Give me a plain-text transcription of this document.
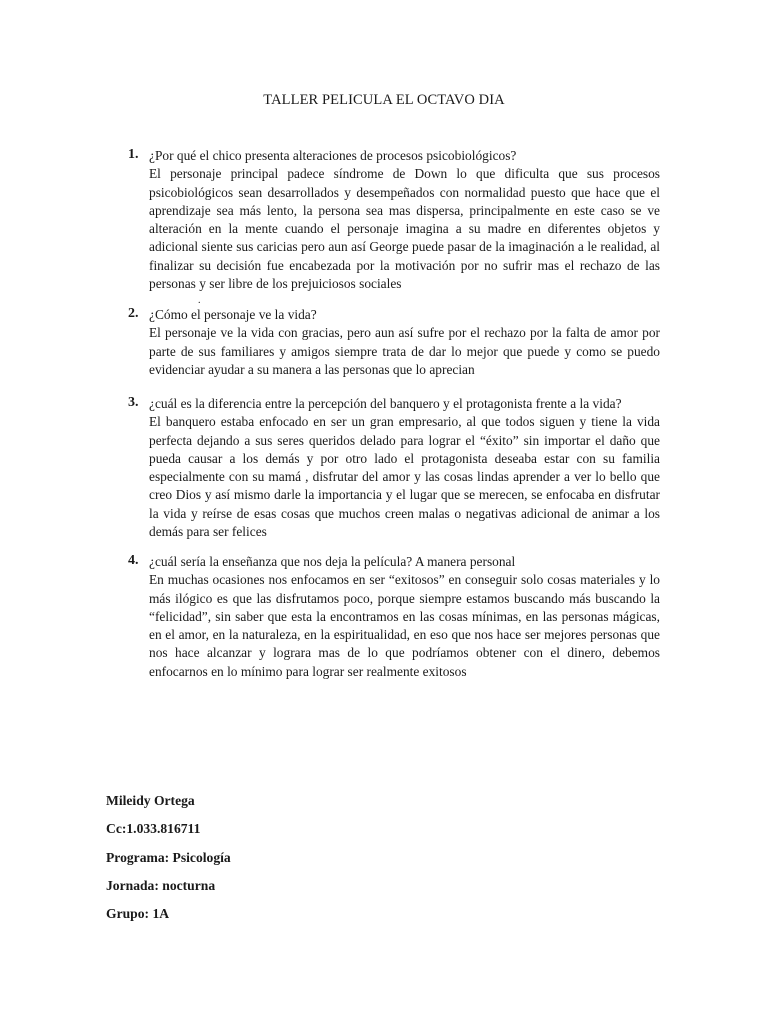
TALLER PELICULA EL OCTAVO DIA
1. ¿Por qué el chico presenta alteraciones de procesos psicobiológicos?
El personaje principal padece síndrome de Down lo que dificulta que sus procesos psicobiológicos sean desarrollados y desempeñados con normalidad puesto que hace que el aprendizaje sea más lento, la persona sea mas dispersa, principalmente en este caso se ve alteración en la mente cuando el personaje imagina a su madre en diferentes objetos y adicional siente sus caricias pero aun así George puede pasar de la imaginación a le realidad, al finalizar su decisión fue encabezada por la motivación por no sufrir mas el rechazo de las personas y ser libre de los prejuiciosos sociales
.
2. ¿Cómo el personaje ve la vida?
El personaje ve la vida con gracias, pero aun así sufre por el rechazo por la falta de amor por parte de sus familiares y amigos siempre trata de dar lo mejor que puede y como se puedo evidenciar ayudar a su manera a las personas que lo aprecian
3. ¿cuál es la diferencia entre la percepción del banquero y el protagonista frente a la vida?
El banquero estaba enfocado en ser un gran empresario, al que todos siguen y tiene la vida perfecta dejando a sus seres queridos delado para lograr el “éxito” sin importar el daño que pueda causar a los demás y por otro lado el protagonista deseaba estar con su familia especialmente con su mamá , disfrutar del amor y las cosas lindas aprender a ver lo bello que creo Dios y así mismo darle la importancia y el lugar que se merecen, se enfocaba en disfrutar la vida y reírse de esas cosas que muchos creen malas o negativas adicional de animar a los demás para ser felices
4. ¿cuál sería la enseñanza que nos deja la película? A manera personal
En muchas ocasiones nos enfocamos en ser “exitosos” en conseguir solo cosas materiales y lo más ilógico es que las disfrutamos poco, porque siempre estamos buscando más buscando la “felicidad”, sin saber que esta la encontramos en las cosas mínimas, en las personas mágicas, en el amor, en la naturaleza, en la espiritualidad, en eso que nos hace ser mejores personas que nos hace alcanzar y lograra mas de lo que podríamos obtener con el dinero, debemos enfocarnos en lo mínimo para lograr ser realmente exitosos
Mileidy Ortega
Cc:1.033.816711
Programa: Psicología
Jornada: nocturna
Grupo: 1A
